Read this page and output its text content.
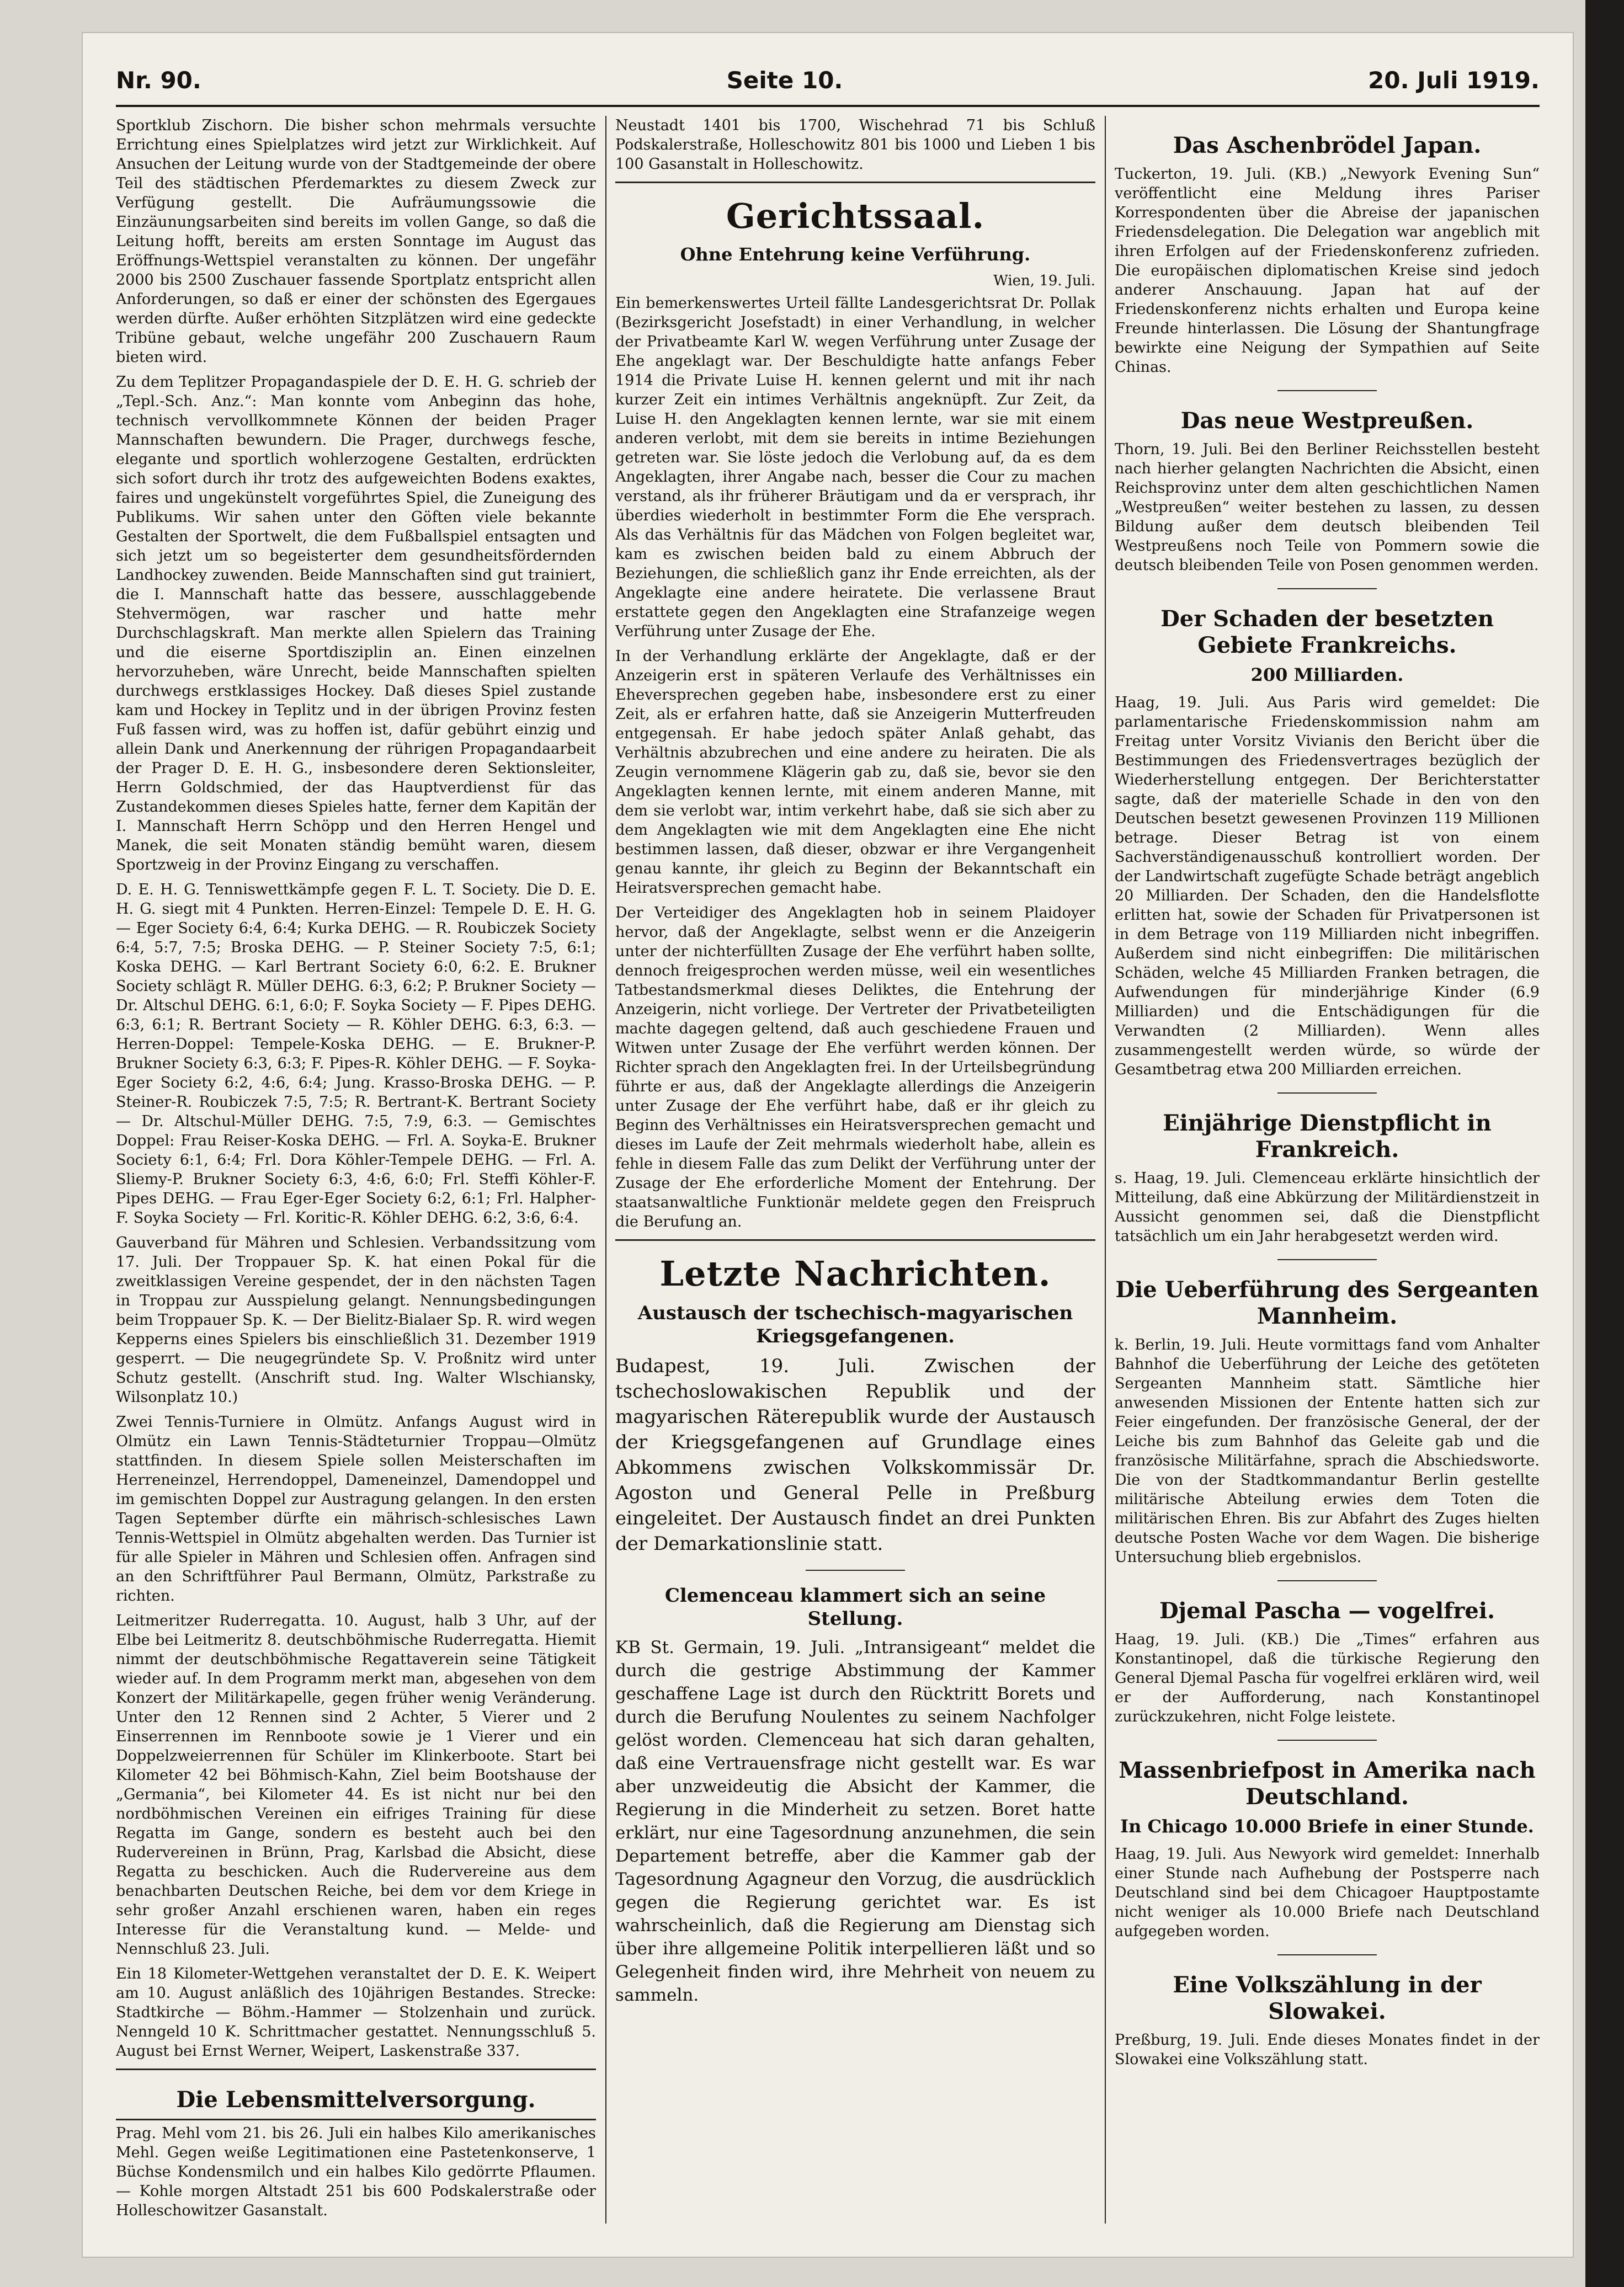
Nr. 90.	Seite 10.	20. Juli 1919.

Sportklub Zischorn. Die bisher schon mehrmals versuchte Errichtung eines Spielplatzes wird jetzt zur Wirklichkeit. Auf Ansuchen der Leitung wurde von der Stadtgemeinde der obere Teil des städtischen Pferdemarktes zu diesem Zweck zur Verfügung gestellt. Die Aufräumungssowie die Einzäunungsarbeiten sind bereits im vollen Gange, so daß die Leitung hofft, bereits am ersten Sonntage im August das Eröffnungs-Wettspiel veranstalten zu können. Der ungefähr 2000 bis 2500 Zuschauer fassende Sportplatz entspricht allen Anforderungen, so daß er einer der schönsten des Egergaues werden dürfte. Außer erhöhten Sitzplätzen wird eine gedeckte Tribüne gebaut, welche ungefähr 200 Zuschauern Raum bieten wird.

Zu dem Teplitzer Propagandaspiele der D. E. H. G. schrieb der „Tepl.-Sch. Anz.“: Man konnte vom Anbeginn das hohe, technisch vervollkommnete Können der beiden Prager Mannschaften bewundern. Die Prager, durchwegs fesche, elegante und sportlich wohlerzogene Gestalten, erdrückten sich sofort durch ihr trotz des aufgeweichten Bodens exaktes, faires und ungekünstelt vorgeführtes Spiel, die Zuneigung des Publikums. Wir sahen unter den Göften viele bekannte Gestalten der Sportwelt, die dem Fußballspiel entsagten und sich jetzt um so begeisterter dem gesundheitsfördernden Landhockey zuwenden. Beide Mannschaften sind gut trainiert, die I. Mannschaft hatte das bessere, ausschlaggebende Stehvermögen, war rascher und hatte mehr Durchschlagskraft. Man merkte allen Spielern das Training und die eiserne Sportdisziplin an. Einen einzelnen hervorzuheben, wäre Unrecht, beide Mannschaften spielten durchwegs erstklassiges Hockey. Daß dieses Spiel zustande kam und Hockey in Teplitz und in der übrigen Provinz festen Fuß fassen wird, was zu hoffen ist, dafür gebührt einzig und allein Dank und Anerkennung der rührigen Propagandaarbeit der Prager D. E. H. G., insbesondere deren Sektionsleiter, Herrn Goldschmied, der das Hauptverdienst für das Zustandekommen dieses Spieles hatte, ferner dem Kapitän der I. Mannschaft Herrn Schöpp und den Herren Hengel und Manek, die seit Monaten ständig bemüht waren, diesem Sportzweig in der Provinz Eingang zu verschaffen.

D. E. H. G. Tenniswettkämpfe gegen F. L. T. Society. Die D. E. H. G. siegt mit 4 Punkten. Herren-Einzel: Tempele D. E. H. G. — Eger Society 6:4, 6:4; Kurka DEHG. — R. Roubiczek Society 6:4, 5:7, 7:5; Broska DEHG. — P. Steiner Society 7:5, 6:1; Koska DEHG. — Karl Bertrant Society 6:0, 6:2. E. Brukner Society schlägt R. Müller DEHG. 6:3, 6:2; P. Brukner Society — Dr. Altschul DEHG. 6:1, 6:0; F. Soyka Society — F. Pipes DEHG. 6:3, 6:1; R. Bertrant Society — R. Köhler DEHG. 6:3, 6:3. — Herren-Doppel: Tempele-Koska DEHG. — E. Brukner-P. Brukner Society 6:3, 6:3; F. Pipes-R. Köhler DEHG. — F. Soyka-Eger Society 6:2, 4:6, 6:4; Jung. Krasso-Broska DEHG. — P. Steiner-R. Roubiczek 7:5, 7:5; R. Bertrant-K. Bertrant Society — Dr. Altschul-Müller DEHG. 7:5, 7:9, 6:3. — Gemischtes Doppel: Frau Reiser-Koska DEHG. — Frl. A. Soyka-E. Brukner Society 6:1, 6:4; Frl. Dora Köhler-Tempele DEHG. — Frl. A. Sliemy-P. Brukner Society 6:3, 4:6, 6:0; Frl. Steffi Köhler-F. Pipes DEHG. — Frau Eger-Eger Society 6:2, 6:1; Frl. Halpher-F. Soyka Society — Frl. Koritic-R. Köhler DEHG. 6:2, 3:6, 6:4.

Gauverband für Mähren und Schlesien. Verbandssitzung vom 17. Juli. Der Troppauer Sp. K. hat einen Pokal für die zweitklassigen Vereine gespendet, der in den nächsten Tagen in Troppau zur Ausspielung gelangt. Nennungsbedingungen beim Troppauer Sp. K. — Der Bielitz-Bialaer Sp. R. wird wegen Kepperns eines Spielers bis einschließlich 31. Dezember 1919 gesperrt. — Die neugegründete Sp. V. Proßnitz wird unter Schutz gestellt. (Anschrift stud. Ing. Walter Wlschiansky, Wilsonplatz 10.)

Zwei Tennis-Turniere in Olmütz. Anfangs August wird in Olmütz ein Lawn Tennis-Städteturnier Troppau—Olmütz stattfinden. In diesem Spiele sollen Meisterschaften im Herreneinzel, Herrendoppel, Dameneinzel, Damendoppel und im gemischten Doppel zur Austragung gelangen. In den ersten Tagen September dürfte ein mährisch-schlesisches Lawn Tennis-Wettspiel in Olmütz abgehalten werden. Das Turnier ist für alle Spieler in Mähren und Schlesien offen. Anfragen sind an den Schriftführer Paul Bermann, Olmütz, Parkstraße zu richten.

Leitmeritzer Ruderregatta. 10. August, halb 3 Uhr, auf der Elbe bei Leitmeritz 8. deutschböhmische Ruderregatta. Hiemit nimmt der deutschböhmische Regattaverein seine Tätigkeit wieder auf. In dem Programm merkt man, abgesehen von dem Konzert der Militärkapelle, gegen früher wenig Veränderung. Unter den 12 Rennen sind 2 Achter, 5 Vierer und 2 Einserrennen im Rennboote sowie je 1 Vierer und ein Doppelzweierrennen für Schüler im Klinkerboote. Start bei Kilometer 42 bei Böhmisch-Kahn, Ziel beim Bootshause der „Germania“, bei Kilometer 44. Es ist nicht nur bei den nordböhmischen Vereinen ein eifriges Training für diese Regatta im Gange, sondern es besteht auch bei den Rudervereinen in Brünn, Prag, Karlsbad die Absicht, diese Regatta zu beschicken. Auch die Rudervereine aus dem benachbarten Deutschen Reiche, bei dem vor dem Kriege in sehr großer Anzahl erschienen waren, haben ein reges Interesse für die Veranstaltung kund. — Melde- und Nennschluß 23. Juli.

Ein 18 Kilometer-Wettgehen veranstaltet der D. E. K. Weipert am 10. August anläßlich des 10jährigen Bestandes. Strecke: Stadtkirche — Böhm.-Hammer — Stolzenhain und zurück. Nenngeld 10 K. Schrittmacher gestattet. Nennungsschluß 5. August bei Ernst Werner, Weipert, Laskenstraße 337.

Die Lebensmittelversorgung.

Prag. Mehl vom 21. bis 26. Juli ein halbes Kilo amerikanisches Mehl. Gegen weiße Legitimationen eine Pastetenkonserve, 1 Büchse Kondensmilch und ein halbes Kilo gedörrte Pflaumen. — Kohle morgen Altstadt 251 bis 600 Podskalerstraße oder Holleschowitzer Gasanstalt.

Neustadt 1401 bis 1700, Wischehrad 71 bis Schluß Podskalerstraße, Holleschowitz 801 bis 1000 und Lieben 1 bis 100 Gasanstalt in Holleschowitz.

Gerichtssaal.
Ohne Entehrung keine Verführung.
Wien, 19. Juli.

Ein bemerkenswertes Urteil fällte Landesgerichtsrat Dr. Pollak (Bezirksgericht Josefstadt) in einer Verhandlung, in welcher der Privatbeamte Karl W. wegen Verführung unter Zusage der Ehe angeklagt war. Der Beschuldigte hatte anfangs Feber 1914 die Private Luise H. kennen gelernt und mit ihr nach kurzer Zeit ein intimes Verhältnis angeknüpft. Zur Zeit, da Luise H. den Angeklagten kennen lernte, war sie mit einem anderen verlobt, mit dem sie bereits in intime Beziehungen getreten war. Sie löste jedoch die Verlobung auf, da es dem Angeklagten, ihrer Angabe nach, besser die Cour zu machen verstand, als ihr früherer Bräutigam und da er versprach, ihr überdies wiederholt in bestimmter Form die Ehe versprach. Als das Verhältnis für das Mädchen von Folgen begleitet war, kam es zwischen beiden bald zu einem Abbruch der Beziehungen, die schließlich ganz ihr Ende erreichten, als der Angeklagte eine andere heiratete. Die verlassene Braut erstattete gegen den Angeklagten eine Strafanzeige wegen Verführung unter Zusage der Ehe.

In der Verhandlung erklärte der Angeklagte, daß er der Anzeigerin erst in späteren Verlaufe des Verhältnisses ein Eheversprechen gegeben habe, insbesondere erst zu einer Zeit, als er erfahren hatte, daß sie Anzeigerin Mutterfreuden entgegensah. Er habe jedoch später Anlaß gehabt, das Verhältnis abzubrechen und eine andere zu heiraten. Die als Zeugin vernommene Klägerin gab zu, daß sie, bevor sie den Angeklagten kennen lernte, mit einem anderen Manne, mit dem sie verlobt war, intim verkehrt habe, daß sie sich aber zu dem Angeklagten wie mit dem Angeklagten eine Ehe nicht bestimmen lassen, daß dieser, obzwar er ihre Vergangenheit genau kannte, ihr gleich zu Beginn der Bekanntschaft ein Heiratsversprechen gemacht habe.

Der Verteidiger des Angeklagten hob in seinem Plaidoyer hervor, daß der Angeklagte, selbst wenn er die Anzeigerin unter der nichterfüllten Zusage der Ehe verführt haben sollte, dennoch freigesprochen werden müsse, weil ein wesentliches Tatbestandsmerkmal dieses Deliktes, die Entehrung der Anzeigerin, nicht vorliege. Der Vertreter der Privatbeteiligten machte dagegen geltend, daß auch geschiedene Frauen und Witwen unter Zusage der Ehe verführt werden können. Der Richter sprach den Angeklagten frei. In der Urteilsbegründung führte er aus, daß der Angeklagte allerdings die Anzeigerin unter Zusage der Ehe verführt habe, daß er ihr gleich zu Beginn des Verhältnisses ein Heiratsversprechen gemacht und dieses im Laufe der Zeit mehrmals wiederholt habe, allein es fehle in diesem Falle das zum Delikt der Verführung unter der Zusage der Ehe erforderliche Moment der Entehrung. Der staatsanwaltliche Funktionär meldete gegen den Freispruch die Berufung an.

Letzte Nachrichten.
Austausch der tschechisch-magyarischen Kriegsgefangenen.

Budapest, 19. Juli. Zwischen der tschechoslowakischen Republik und der magyarischen Räterepublik wurde der Austausch der Kriegsgefangenen auf Grundlage eines Abkommens zwischen Volkskommissär Dr. Agoston und General Pelle in Preßburg eingeleitet. Der Austausch findet an drei Punkten der Demarkationslinie statt.

Clemenceau klammert sich an seine Stellung.

KB St. Germain, 19. Juli. „Intransigeant“ meldet die durch die gestrige Abstimmung der Kammer geschaffene Lage ist durch den Rücktritt Borets und durch die Berufung Noulentes zu seinem Nachfolger gelöst worden. Clemenceau hat sich daran gehalten, daß eine Vertrauensfrage nicht gestellt war. Es war aber unzweideutig die Absicht der Kammer, die Regierung in die Minderheit zu setzen. Boret hatte erklärt, nur eine Tagesordnung anzunehmen, die sein Departement betreffe, aber die Kammer gab der Tagesordnung Agagneur den Vorzug, die ausdrücklich gegen die Regierung gerichtet war. Es ist wahrscheinlich, daß die Regierung am Dienstag sich über ihre allgemeine Politik interpellieren läßt und so Gelegenheit finden wird, ihre Mehrheit von neuem zu sammeln.

Das Aschenbrödel Japan.

Tuckerton, 19. Juli. (KB.) „Newyork Evening Sun“ veröffentlicht eine Meldung ihres Pariser Korrespondenten über die Abreise der japanischen Friedensdelegation. Die Delegation war angeblich mit ihren Erfolgen auf der Friedenskonferenz zufrieden. Die europäischen diplomatischen Kreise sind jedoch anderer Anschauung. Japan hat auf der Friedenskonferenz nichts erhalten und Europa keine Freunde hinterlassen. Die Lösung der Shantungfrage bewirkte eine Neigung der Sympathien auf Seite Chinas.

Das neue Westpreußen.

Thorn, 19. Juli. Bei den Berliner Reichsstellen besteht nach hierher gelangten Nachrichten die Absicht, einen Reichsprovinz unter dem alten geschichtlichen Namen „Westpreußen“ weiter bestehen zu lassen, zu dessen Bildung außer dem deutsch bleibenden Teil Westpreußens noch Teile von Pommern sowie die deutsch bleibenden Teile von Posen genommen werden.

Der Schaden der besetzten Gebiete Frankreichs.
200 Milliarden.

Haag, 19. Juli. Aus Paris wird gemeldet: Die parlamentarische Friedenskommission nahm am Freitag unter Vorsitz Vivianis den Bericht über die Bestimmungen des Friedensvertrages bezüglich der Wiederherstellung entgegen. Der Berichterstatter sagte, daß der materielle Schade in den von den Deutschen besetzt gewesenen Provinzen 119 Millionen betrage. Dieser Betrag ist von einem Sachverständigenausschuß kontrolliert worden. Der der Landwirtschaft zugefügte Schade beträgt angeblich 20 Milliarden. Der Schaden, den die Handelsflotte erlitten hat, sowie der Schaden für Privatpersonen ist in dem Betrage von 119 Milliarden nicht inbegriffen. Außerdem sind nicht einbegriffen: Die militärischen Schäden, welche 45 Milliarden Franken betragen, die Aufwendungen für minderjährige Kinder (6.9 Milliarden) und die Entschädigungen für die Verwandten (2 Milliarden). Wenn alles zusammengestellt werden würde, so würde der Gesamtbetrag etwa 200 Milliarden erreichen.

Einjährige Dienstpflicht in Frankreich.

s. Haag, 19. Juli. Clemenceau erklärte hinsichtlich der Mitteilung, daß eine Abkürzung der Militärdienstzeit in Aussicht genommen sei, daß die Dienstpflicht tatsächlich um ein Jahr herabgesetzt werden wird.

Die Ueberführung des Sergeanten Mannheim.

k. Berlin, 19. Juli. Heute vormittags fand vom Anhalter Bahnhof die Ueberführung der Leiche des getöteten Sergeanten Mannheim statt. Sämtliche hier anwesenden Missionen der Entente hatten sich zur Feier eingefunden. Der französische General, der der Leiche bis zum Bahnhof das Geleite gab und die französische Militärfahne, sprach die Abschiedsworte. Die von der Stadtkommandantur Berlin gestellte militärische Abteilung erwies dem Toten die militärischen Ehren. Bis zur Abfahrt des Zuges hielten deutsche Posten Wache vor dem Wagen. Die bisherige Untersuchung blieb ergebnislos.

Djemal Pascha — vogelfrei.

Haag, 19. Juli. (KB.) Die „Times“ erfahren aus Konstantinopel, daß die türkische Regierung den General Djemal Pascha für vogelfrei erklären wird, weil er der Aufforderung, nach Konstantinopel zurückzukehren, nicht Folge leistete.

Massenbriefpost in Amerika nach Deutschland.
In Chicago 10.000 Briefe in einer Stunde.

Haag, 19. Juli. Aus Newyork wird gemeldet: Innerhalb einer Stunde nach Aufhebung der Postsperre nach Deutschland sind bei dem Chicagoer Hauptpostamte nicht weniger als 10.000 Briefe nach Deutschland aufgegeben worden.

Eine Volkszählung in der Slowakei.

Preßburg, 19. Juli. Ende dieses Monates findet in der Slowakei eine Volkszählung statt.
